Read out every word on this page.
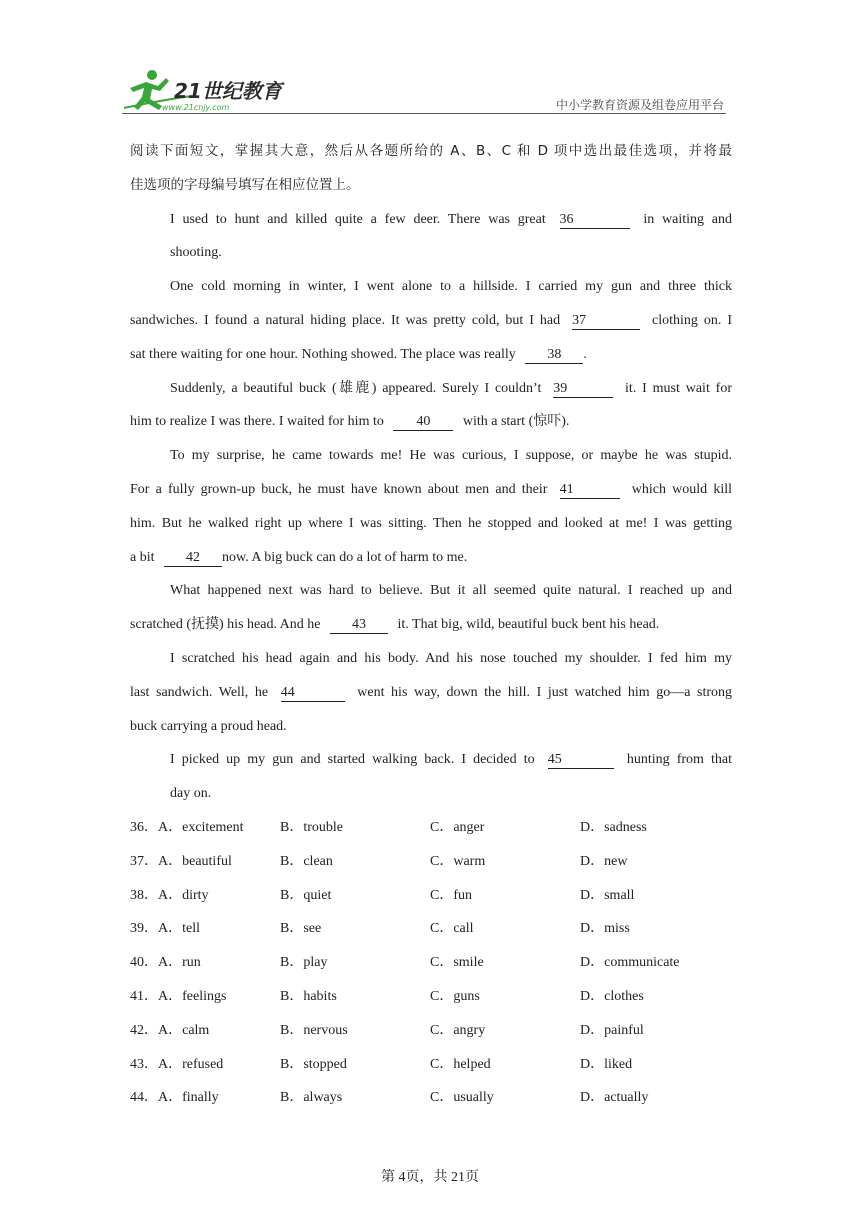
21世纪教育
www.21cnjy.com	中小学教育资源及组卷应用平台
阅读下面短文，掌握其大意，然后从各题所给的 A、B、C 和 D 项中选出最佳选项，并将最
佳选项的字母编号填写在相应位置上。
I used to hunt and killed quite a few deer. There was great 36	in waiting and
shooting.
One cold morning in winter, I went alone to a hillside. I carried my gun and three thick
sandwiches. I found a natural hiding place. It was pretty cold, but I had 37	clothing on. I
sat there waiting for one hour. Nothing showed. The place was really 38 .
Suddenly, a beautiful buck (雄鹿) appeared. Surely I couldn’t 39	it. I must wait for
him to realize I was there. I waited for him to 40 with a start (惊吓).
To my surprise, he came towards me! He was curious, I suppose, or maybe he was stupid.
For a fully grown-up buck, he must have known about men and their 41	which would kill
him. But he walked right up where I was sitting. Then he stopped and looked at me! I was getting
a bit 42 now. A big buck can do a lot of harm to me.
What happened next was hard to believe. But it all seemed quite natural. I reached up and
scratched (抚摸) his head. And he 43 it. That big, wild, beautiful buck bent his head.
I scratched his head again and his body. And his nose touched my shoulder. I fed him my
last sandwich. Well, he 44	went his way, down the hill. I just watched him go—a strong
buck carrying a proud head.
I picked up my gun and started walking back. I decided to 45	hunting from that
day on.
36． A．excitement	B．trouble	C．anger	D．sadness
37． A．beautiful	B．clean	C．warm	D．new
38． A．dirty	B．quiet	C．fun	D．small
39． A．tell	B．see	C．call	D．miss
40． A．run	B．play	C．smile	D．communicate
41． A．feelings	B．habits	C．guns	D．clothes
42． A．calm	B．nervous	C．angry	D．painful
43． A．refused	B．stopped	C．helped	D．liked
44． A．finally	B．always	C．usually	D．actually
第 4页，共 21页
